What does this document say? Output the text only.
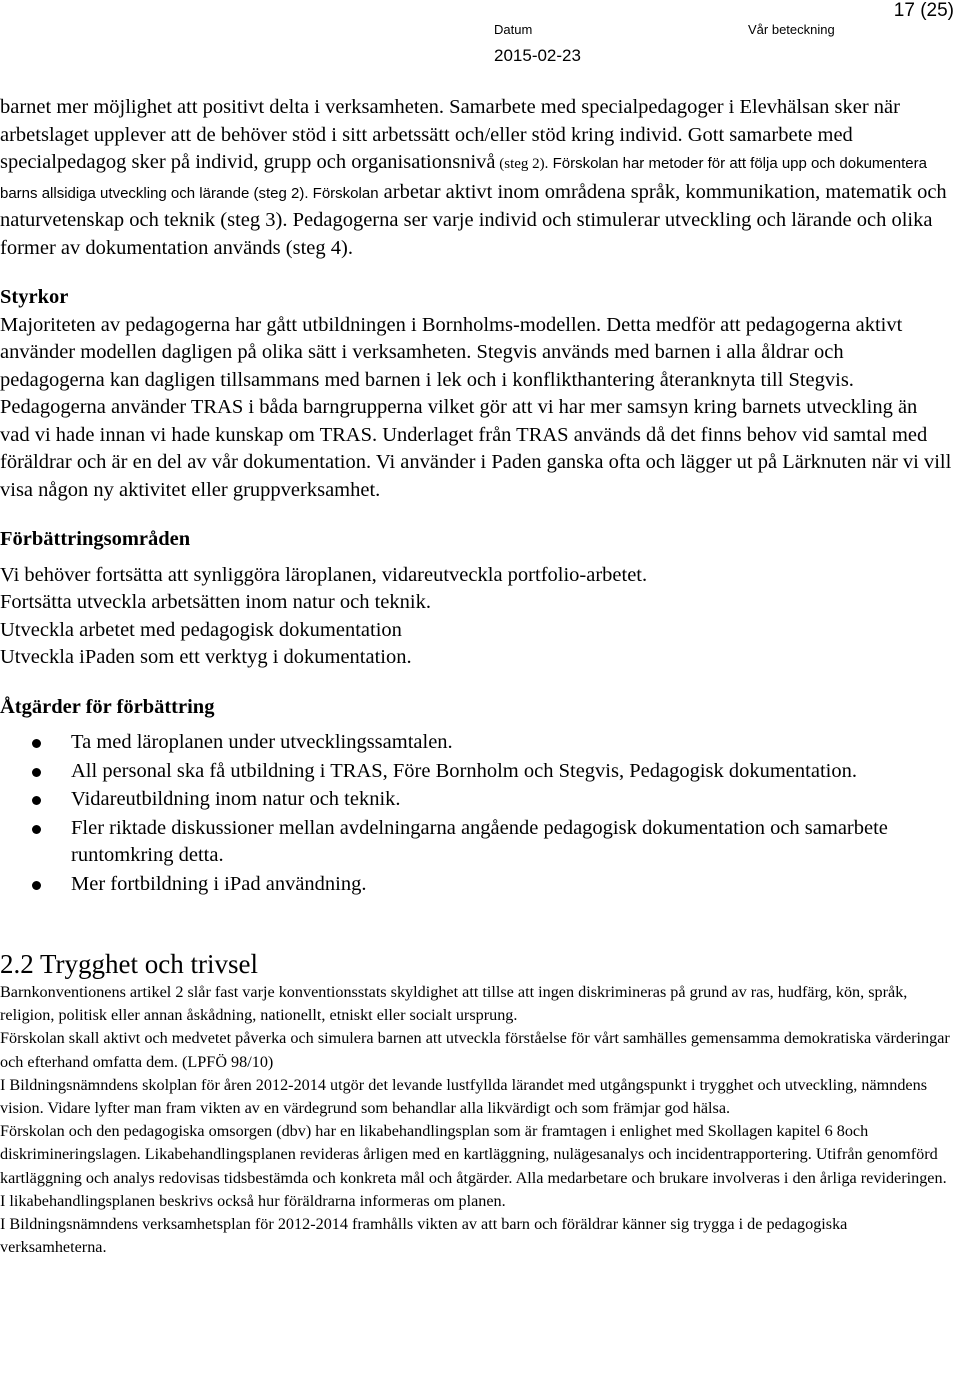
Datum	Vår beteckning
2015-02-23
17 (25)

barnet mer möjlighet att positivt delta i verksamheten. Samarbete med specialpedagoger i Elevhälsan sker när arbetslaget upplever att de behöver stöd i sitt arbetssätt och/eller stöd kring individ. Gott samarbete med specialpedagog sker på individ, grupp och organisationsnivå (steg 2). Förskolan har metoder för att följa upp och dokumentera barns allsidiga utveckling och lärande (steg 2). Förskolan arbetar aktivt inom områdena språk, kommunikation, matematik och naturvetenskap och teknik (steg 3). Pedagogerna ser varje individ och stimulerar utveckling och lärande och olika former av dokumentation används (steg 4).

Styrkor

Majoriteten av pedagogerna har gått utbildningen i Bornholms-modellen. Detta medför att pedagogerna aktivt använder modellen dagligen på olika sätt i verksamheten. Stegvis används med barnen i alla åldrar och pedagogerna kan dagligen tillsammans med barnen i lek och i konflikthantering återanknyta till Stegvis. Pedagogerna använder TRAS i båda barngrupperna vilket gör att vi har mer samsyn kring barnets utveckling än vad vi hade innan vi hade kunskap om TRAS. Underlaget från TRAS används då det finns behov vid samtal med föräldrar och är en del av vår dokumentation. Vi använder i Paden ganska ofta och lägger ut på Lärknuten när vi vill visa någon ny aktivitet eller gruppverksamhet.

Förbättringsområden

Vi behöver fortsätta att synliggöra läroplanen, vidareutveckla portfolio-arbetet.

Fortsätta utveckla arbetsätten inom natur och teknik.

Utveckla arbetet med pedagogisk dokumentation

Utveckla iPaden som ett verktyg i dokumentation.

Åtgärder för förbättring

Ta med läroplanen under utvecklingssamtalen.
All personal ska få utbildning i TRAS, Före Bornholm och Stegvis, Pedagogisk dokumentation.
Vidareutbildning inom natur och teknik.
Fler riktade diskussioner mellan avdelningarna angående pedagogisk dokumentation och samarbete runtomkring detta.
Mer fortbildning i iPad användning.

2.2 Trygghet och trivsel

Barnkonventionens artikel 2 slår fast varje konventionsstats skyldighet att tillse att ingen diskrimineras på grund av ras, hudfärg, kön, språk, religion, politisk eller annan åskådning, nationellt, etniskt eller socialt ursprung.

Förskolan skall aktivt och medvetet påverka och simulera barnen att utveckla förståelse för vårt samhälles gemensamma demokratiska värderingar och efterhand omfatta dem. (LPFÖ 98/10)

I Bildningsnämndens skolplan för åren 2012-2014 utgör det levande lustfyllda lärandet med utgångspunkt i trygghet och utveckling, nämndens vision. Vidare lyfter man fram vikten av en värdegrund som behandlar alla likvärdigt och som främjar god hälsa.

Förskolan och den pedagogiska omsorgen (dbv) har en likabehandlingsplan som är framtagen i enlighet med Skollagen kapitel 6 8och diskrimineringslagen. Likabehandlingsplanen revideras årligen med en kartläggning, nulägesanalys och incidentrapportering. Utifrån genomförd kartläggning och analys redovisas tidsbestämda och konkreta mål och åtgärder. Alla medarbetare och brukare involveras i den årliga revideringen. I likabehandlingsplanen beskrivs också hur föräldrarna informeras om planen.

I Bildningsnämndens verksamhetsplan för 2012-2014 framhålls vikten av att barn och föräldrar känner sig trygga i de pedagogiska verksamheterna.
